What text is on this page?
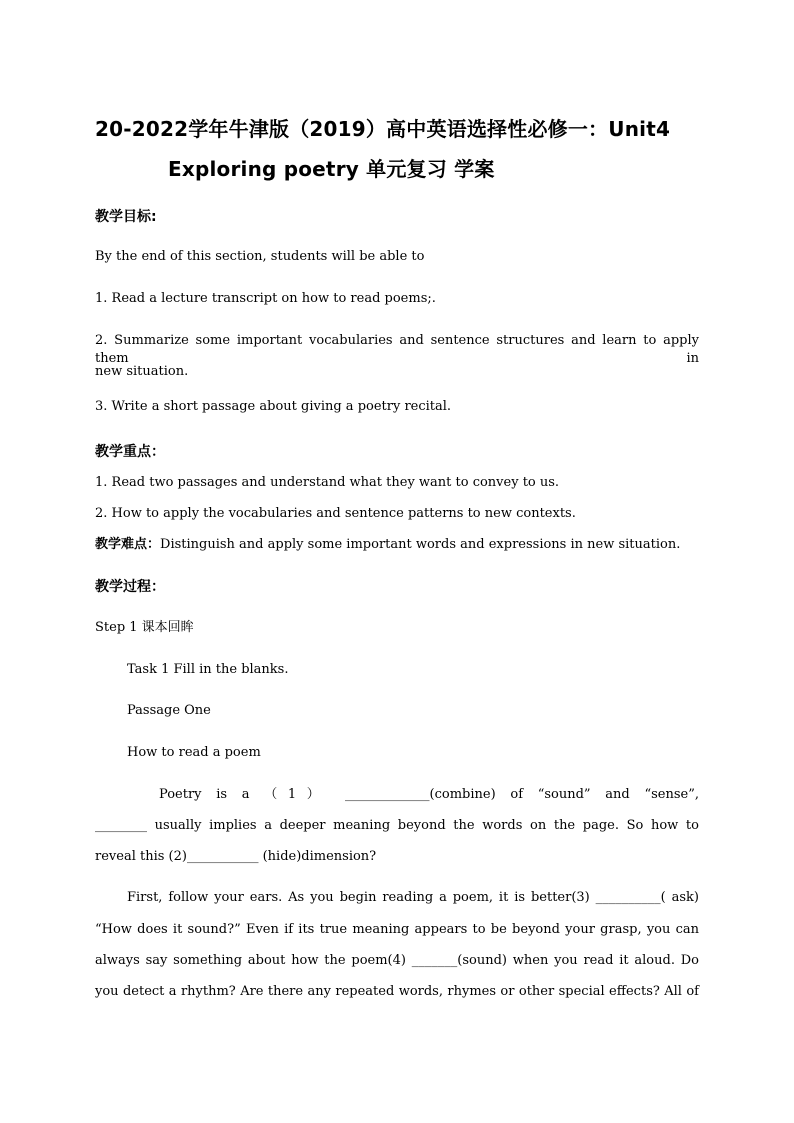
20-2022学年牛津版（2019）高中英语选择性必修一：Unit4
Exploring poetry 单元复习 学案
教学目标:
By the end of this section, students will be able to
1. Read a lecture transcript on how to read poems;.
2. Summarize some important vocabularies and sentence structures and learn to apply them in
new situation.
3. Write a short passage about giving a poetry recital.
教学重点：
1. Read two passages and understand what they want to convey to us.
2. How to apply the vocabularies and sentence patterns to new contexts.
教学难点：Distinguish and apply some important words and expressions in new situation.
教学过程：
Step 1 课本回眸
Task 1 Fill in the blanks.
Passage One
How to read a poem
Poetry is a （1） _____________(combine) of “sound” and “sense”,
________ usually implies a deeper meaning beyond the words on the page. So how to
reveal this (2)___________ (hide)dimension?
First, follow your ears. As you begin reading a poem, it is better(3) __________( ask)
“How does it sound?” Even if its true meaning appears to be beyond your grasp, you can
always say something about how the poem(4) _______(sound) when you read it aloud. Do
you detect a rhythm? Are there any repeated words, rhymes or other special effects? All of
